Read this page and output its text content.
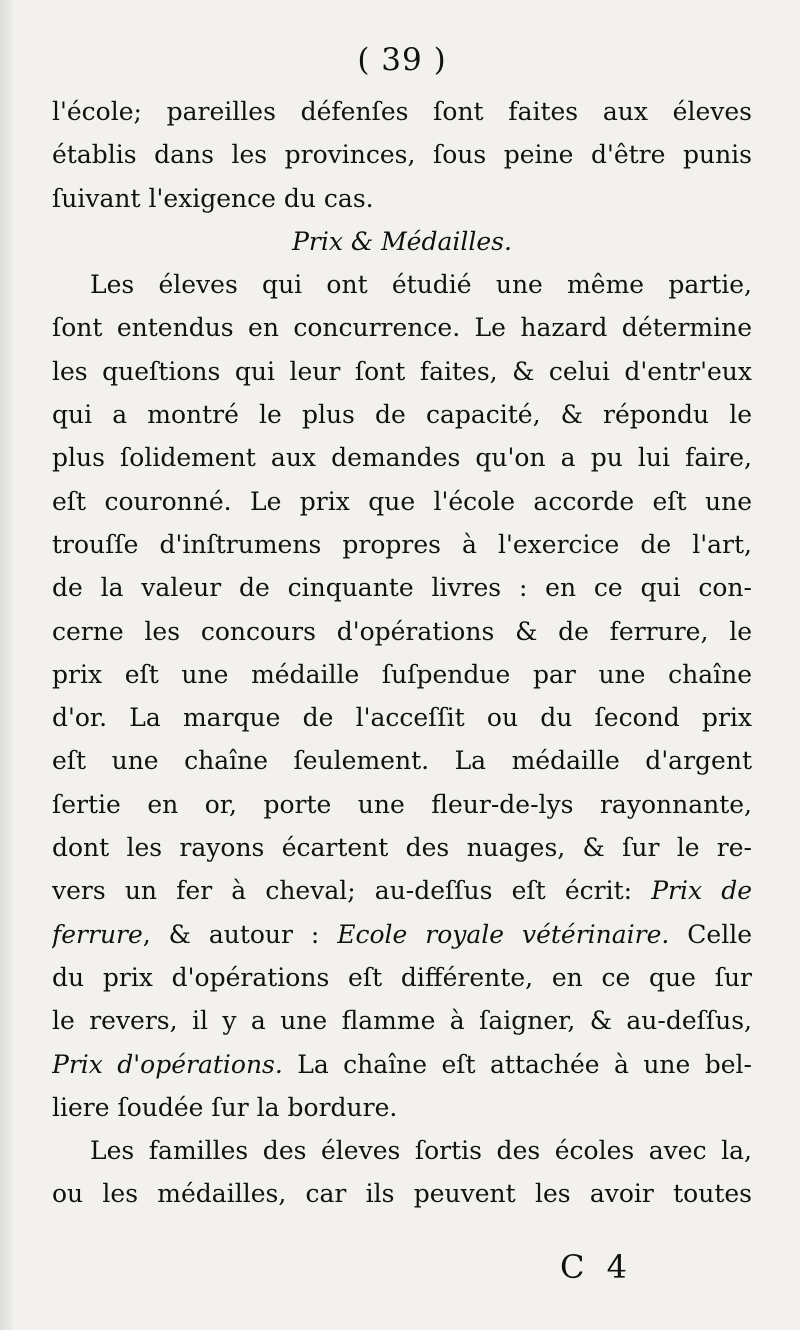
( 39 )
l'école; pareilles défenſes ſont faites aux éleves
établis dans les provinces, ſous peine d'être punis
ſuivant l'exigence du cas.
Prix & Médailles.
Les éleves qui ont étudié une même partie,
ſont entendus en concurrence. Le hazard détermine
les queſtions qui leur ſont faites, & celui d'entr'eux
qui a montré le plus de capacité, & répondu le
plus ſolidement aux demandes qu'on a pu lui faire,
eſt couronné. Le prix que l'école accorde eſt une
trouſſe d'inſtrumens propres à l'exercice de l'art,
de la valeur de cinquante livres : en ce qui con-
cerne les concours d'opérations & de ferrure, le
prix eſt une médaille ſuſpendue par une chaîne
d'or. La marque de l'acceſſit ou du ſecond prix
eſt une chaîne ſeulement. La médaille d'argent
ſertie en or, porte une fleur-de-lys rayonnante,
dont les rayons écartent des nuages, & ſur le re-
vers un fer à cheval; au-deſſus eſt écrit: Prix de
ferrure, & autour : Ecole royale vétérinaire. Celle
du prix d'opérations eſt différente, en ce que ſur
le revers, il y a une flamme à ſaigner, & au-deſſus,
Prix d'opérations. La chaîne eſt attachée à une bel-
liere ſoudée ſur la bordure.
Les familles des éleves ſortis des écoles avec la,
ou les médailles, car ils peuvent les avoir toutes
C 4
